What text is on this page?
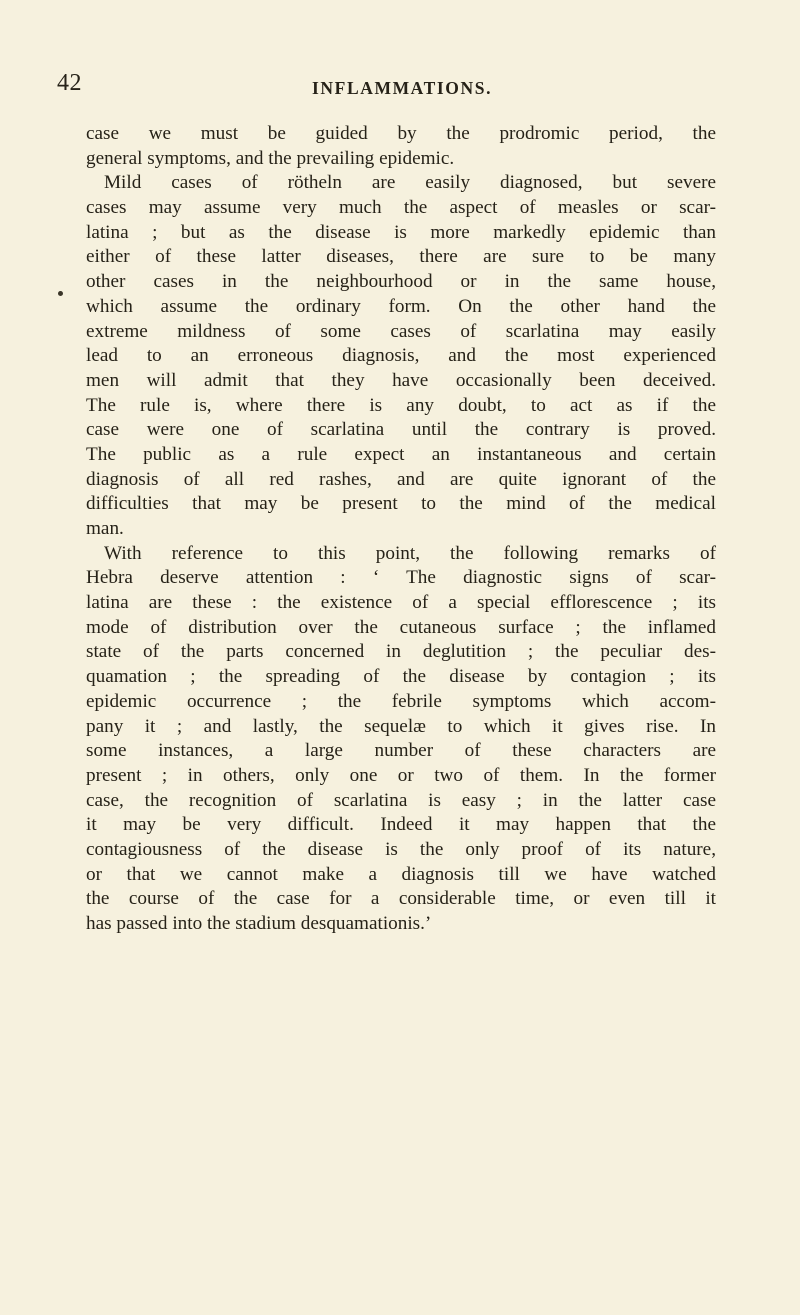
42	INFLAMMATIONS.
case we must be guided by the prodromic period, the
general symptoms, and the prevailing epidemic.
Mild cases of rötheln are easily diagnosed, but severe
cases may assume very much the aspect of measles or scar-
latina ; but as the disease is more markedly epidemic than
either of these latter diseases, there are sure to be many
other cases in the neighbourhood or in the same house,
which assume the ordinary form. On the other hand the
extreme mildness of some cases of scarlatina may easily
lead to an erroneous diagnosis, and the most experienced
men will admit that they have occasionally been deceived.
The rule is, where there is any doubt, to act as if the
case were one of scarlatina until the contrary is proved.
The public as a rule expect an instantaneous and certain
diagnosis of all red rashes, and are quite ignorant of the
difficulties that may be present to the mind of the medical
man.
With reference to this point, the following remarks of
Hebra deserve attention : ‘ The diagnostic signs of scar-
latina are these : the existence of a special efflorescence ; its
mode of distribution over the cutaneous surface ; the inflamed
state of the parts concerned in deglutition ; the peculiar des-
quamation ; the spreading of the disease by contagion ; its
epidemic occurrence ; the febrile symptoms which accom-
pany it ; and lastly, the sequelæ to which it gives rise. In
some instances, a large number of these characters are
present ; in others, only one or two of them. In the former
case, the recognition of scarlatina is easy ; in the latter case
it may be very difficult. Indeed it may happen that the
contagiousness of the disease is the only proof of its nature,
or that we cannot make a diagnosis till we have watched
the course of the case for a considerable time, or even till it
has passed into the stadium desquamationis.’
